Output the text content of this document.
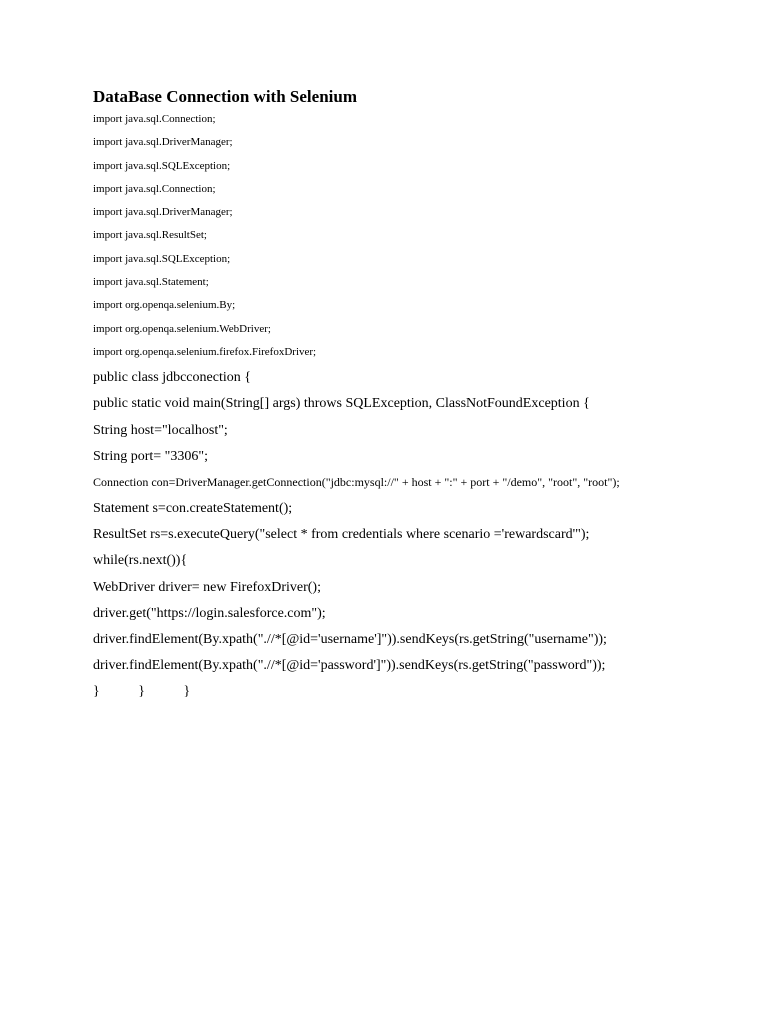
DataBase Connection with Selenium
import java.sql.Connection;
import java.sql.DriverManager;
import java.sql.SQLException;
import java.sql.Connection;
import java.sql.DriverManager;
import java.sql.ResultSet;
import java.sql.SQLException;
import java.sql.Statement;
import org.openqa.selenium.By;
import org.openqa.selenium.WebDriver;
import org.openqa.selenium.firefox.FirefoxDriver;
public class jdbcconection {
public static void main(String[] args) throws SQLException, ClassNotFoundException {
String host="localhost";
String port= "3306";
Connection con=DriverManager.getConnection("jdbc:mysql://" + host + ":" + port + "/demo", "root", "root");
Statement s=con.createStatement();
ResultSet rs=s.executeQuery("select * from credentials where scenario ='rewardscard'");
while(rs.next()){
WebDriver driver= new FirefoxDriver();
driver.get("https://login.salesforce.com");
driver.findElement(By.xpath(".//*[@id='username']")).sendKeys(rs.getString("username"));
driver.findElement(By.xpath(".//*[@id='password']")).sendKeys(rs.getString("password"));
}           }           }
